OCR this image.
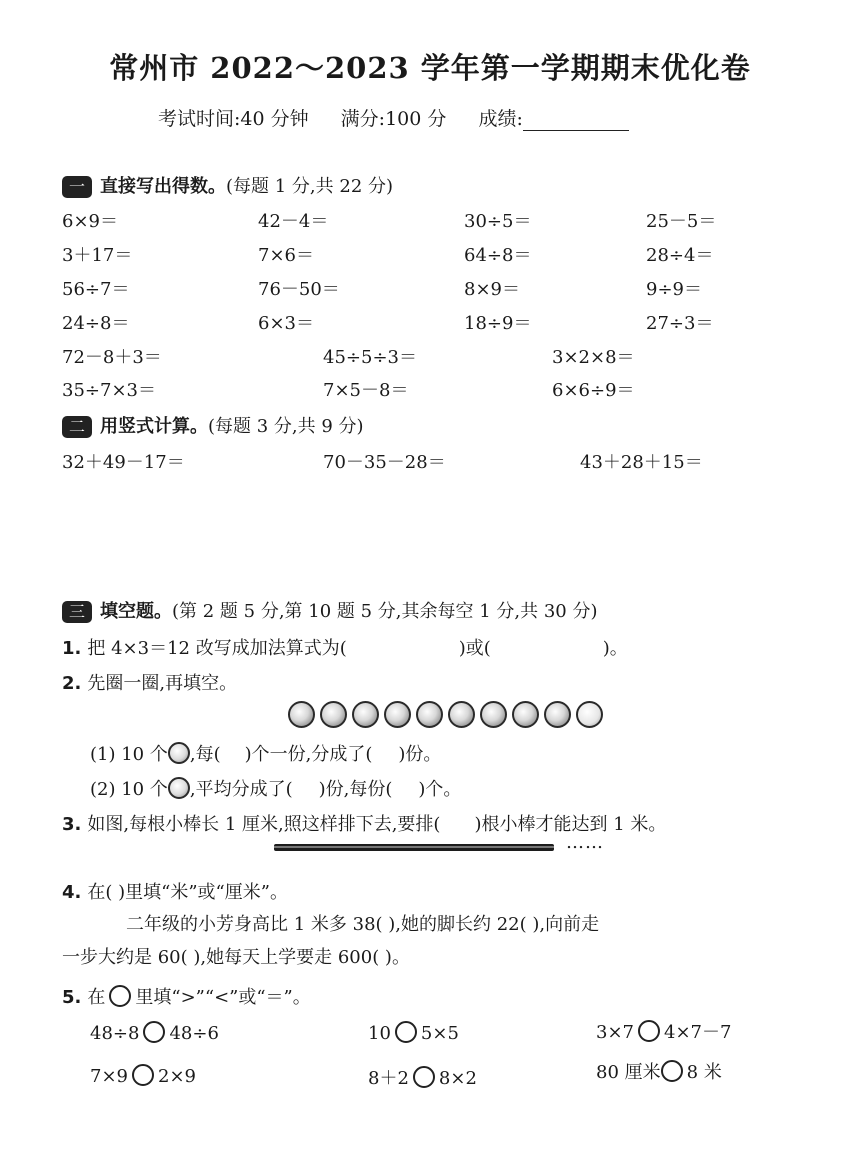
常州市 2022～2023 学年第一学期期末优化卷
考试时间:40 分钟 满分:100 分 成绩:
一 直接写出得数。(每题 1 分,共 22 分)
6×9＝	42－4＝	30÷5＝	25－5＝
3＋17＝	7×6＝	64÷8＝	28÷4＝
56÷7＝	76－50＝	8×9＝	9÷9＝
24÷8＝	6×3＝	18÷9＝	27÷3＝
72－8＋3＝	45÷5÷3＝	3×2×8＝
35÷7×3＝	7×5－8＝	6×6÷9＝
二 用竖式计算。(每题 3 分,共 9 分)
32＋49－17＝	70－35－28＝	43＋28＋15＝
三 填空题。(第 2 题 5 分,第 10 题 5 分,其余每空 1 分,共 30 分)
1. 把 4×3＝12 改写成加法算式为(	)或(	)。
2. 先圈一圈,再填空。
(1) 10 个 ,每( )个一份,分成了( )份。
(2) 10 个 ,平均分成了( )份,每份( )个。
3. 如图,每根小棒长 1 厘米,照这样排下去,要排( )根小棒才能达到 1 米。
……
4. 在( )里填“米”或“厘米”。
二年级的小芳身高比 1 米多 38( ),她的脚长约 22( ),向前走
一步大约是 60( ),她每天上学要走 600( )。
5. 在 里填“>”“<”或“＝”。
48÷8 48÷6	10 5×5	3×7 4×7－7
7×9 2×9	8＋2 8×2	80 厘米 8 米
